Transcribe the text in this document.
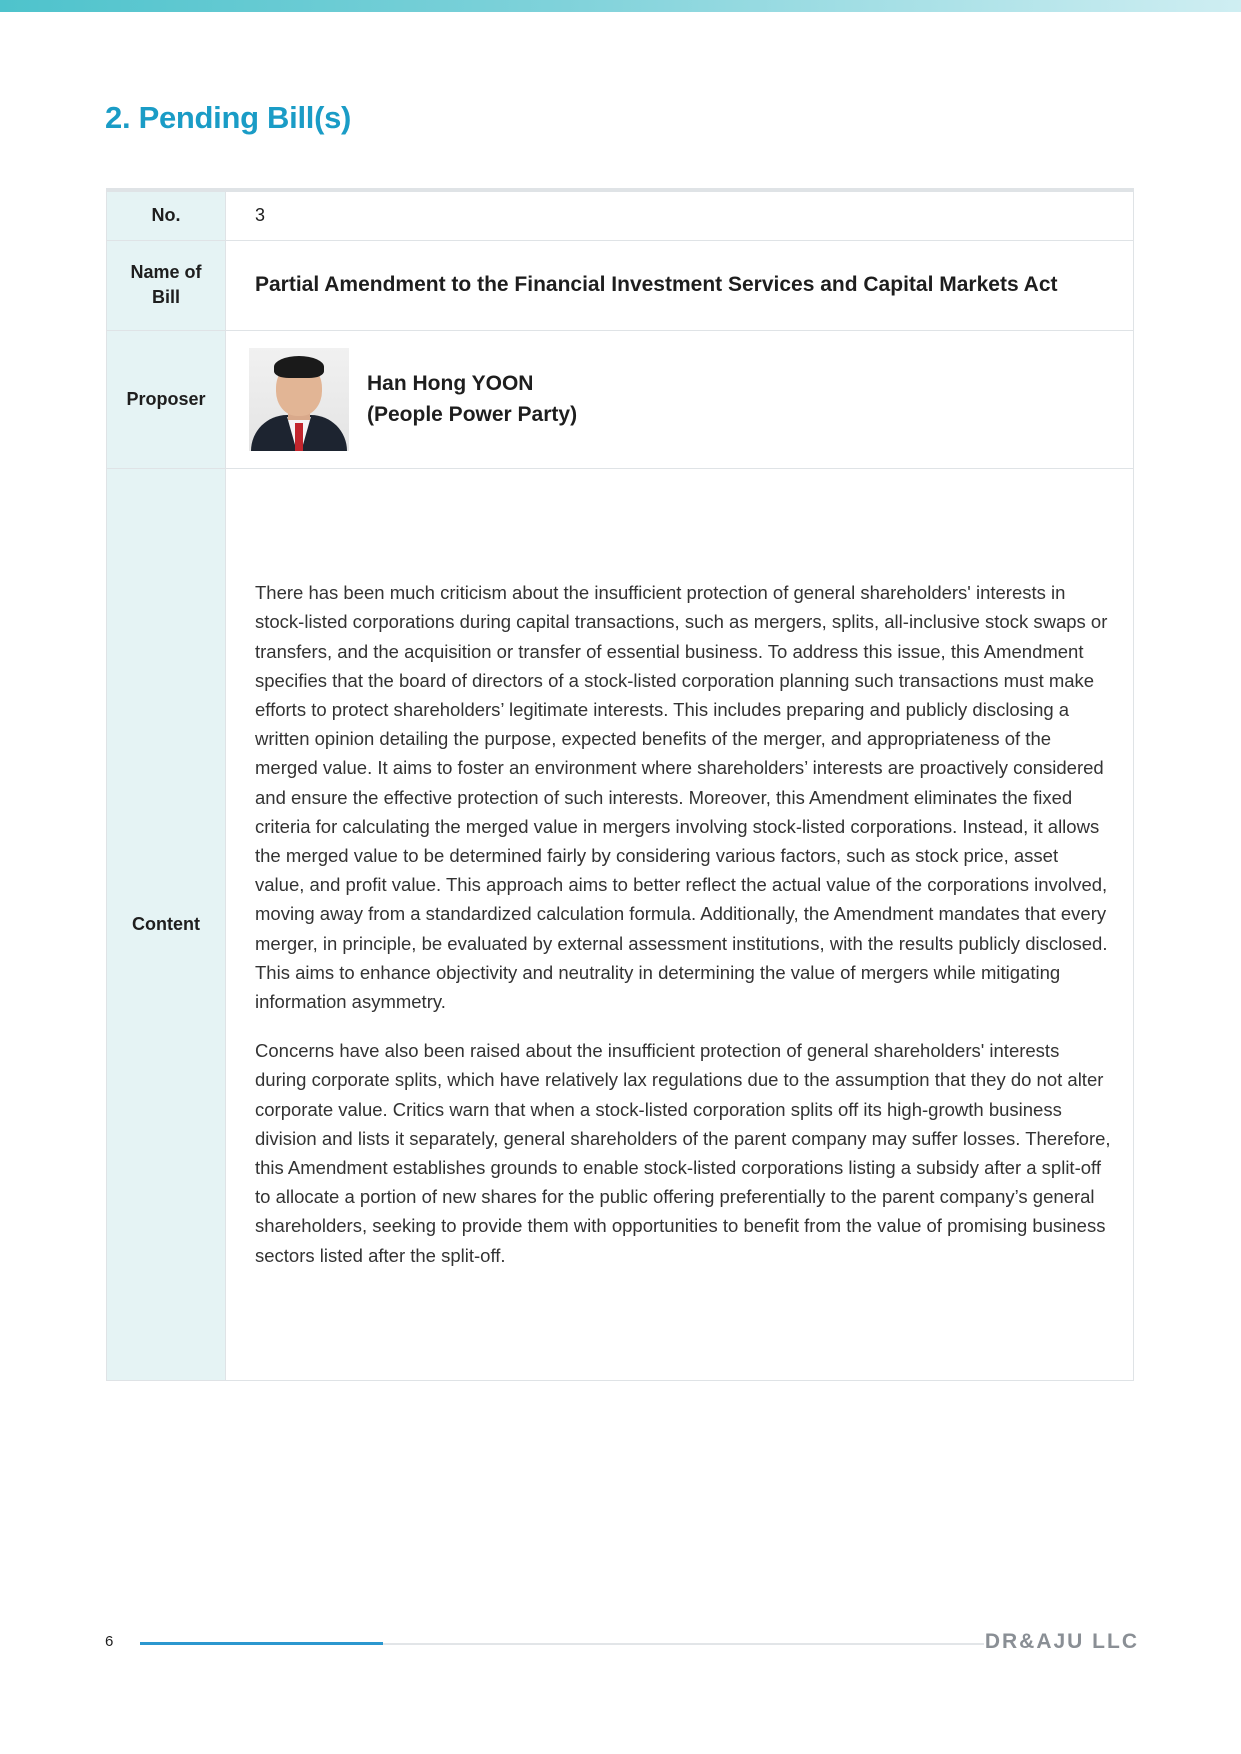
2. Pending Bill(s)
No.	3
Name of Bill	Partial Amendment to the Financial Investment Services and Capital Markets Act
Proposer	Han Hong YOON
(People Power Party)

Content	There has been much criticism about the insufficient protection of general shareholders' interests in stock-listed corporations during capital transactions, such as mergers, splits, all-inclusive stock swaps or transfers, and the acquisition or transfer of essential business. To address this issue, this Amendment specifies that the board of directors of a stock-listed corporation planning such transactions must make efforts to protect shareholders’ legitimate interests. This includes preparing and publicly disclosing a written opinion detailing the purpose, expected benefits of the merger, and appropriateness of the merged value. It aims to foster an environment where shareholders’ interests are proactively considered and ensure the effective protection of such interests. Moreover, this Amendment eliminates the fixed criteria for calculating the merged value in mergers involving stock-listed corporations. Instead, it allows the merged value to be determined fairly by considering various factors, such as stock price, asset value, and profit value. This approach aims to better reflect the actual value of the corporations involved, moving away from a standardized calculation formula. Additionally, the Amendment mandates that every merger, in principle, be evaluated by external assessment institutions, with the results publicly disclosed. This aims to enhance objectivity and neutrality in determining the value of mergers while mitigating information asymmetry.

Concerns have also been raised about the insufficient protection of general shareholders' interests during corporate splits, which have relatively lax regulations due to the assumption that they do not alter corporate value. Critics warn that when a stock-listed corporation splits off its high-growth business division and lists it separately, general shareholders of the parent company may suffer losses. Therefore, this Amendment establishes grounds to enable stock-listed corporations listing a subsidy after a split-off to allocate a portion of new shares for the public offering preferentially to the parent company’s general shareholders, seeking to provide them with opportunities to benefit from the value of promising business sectors listed after the split-off.

6	DR&AJU LLC
